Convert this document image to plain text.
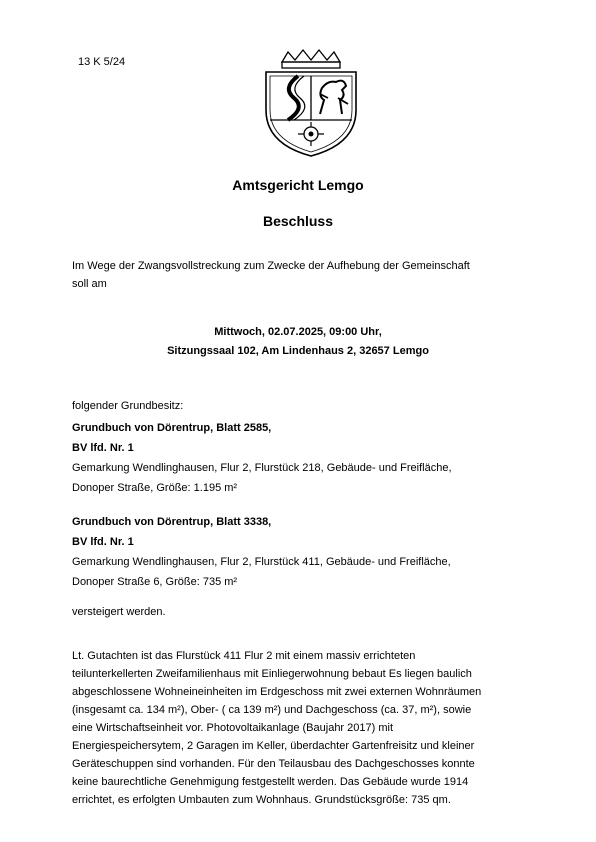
13 K 5/24
Amtsgericht Lemgo
Beschluss
Im Wege der Zwangsvollstreckung zum Zwecke der Aufhebung der Gemeinschaft
soll am
Mittwoch, 02.07.2025, 09:00 Uhr,
Sitzungssaal 102, Am Lindenhaus 2, 32657 Lemgo
folgender Grundbesitz:
Grundbuch von Dörentrup, Blatt 2585,
BV lfd. Nr. 1
Gemarkung Wendlinghausen, Flur 2, Flurstück 218, Gebäude- und Freifläche,
Donoper Straße, Größe: 1.195 m²
Grundbuch von Dörentrup, Blatt 3338,
BV lfd. Nr. 1
Gemarkung Wendlinghausen, Flur 2, Flurstück 411, Gebäude- und Freifläche,
Donoper Straße 6, Größe: 735 m²
versteigert werden.
Lt. Gutachten ist das Flurstück 411 Flur 2 mit einem massiv errichteten
teilunterkellerten Zweifamilienhaus mit Einliegerwohnung bebaut Es liegen baulich
abgeschlossene Wohneineinheiten im Erdgeschoss mit zwei externen Wohnräumen
(insgesamt ca. 134 m²), Ober- ( ca 139 m²) und Dachgeschoss (ca. 37, m²), sowie
eine Wirtschaftseinheit vor. Photovoltaikanlage (Baujahr 2017) mit
Energiespeichersytem, 2 Garagen im Keller, überdachter Gartenfreisitz und kleiner
Geräteschuppen sind vorhanden. Für den Teilausbau des Dachgeschosses konnte
keine baurechtliche Genehmigung festgestellt werden. Das Gebäude wurde 1914
errichtet, es erfolgten Umbauten zum Wohnhaus. Grundstücksgröße: 735 qm.
